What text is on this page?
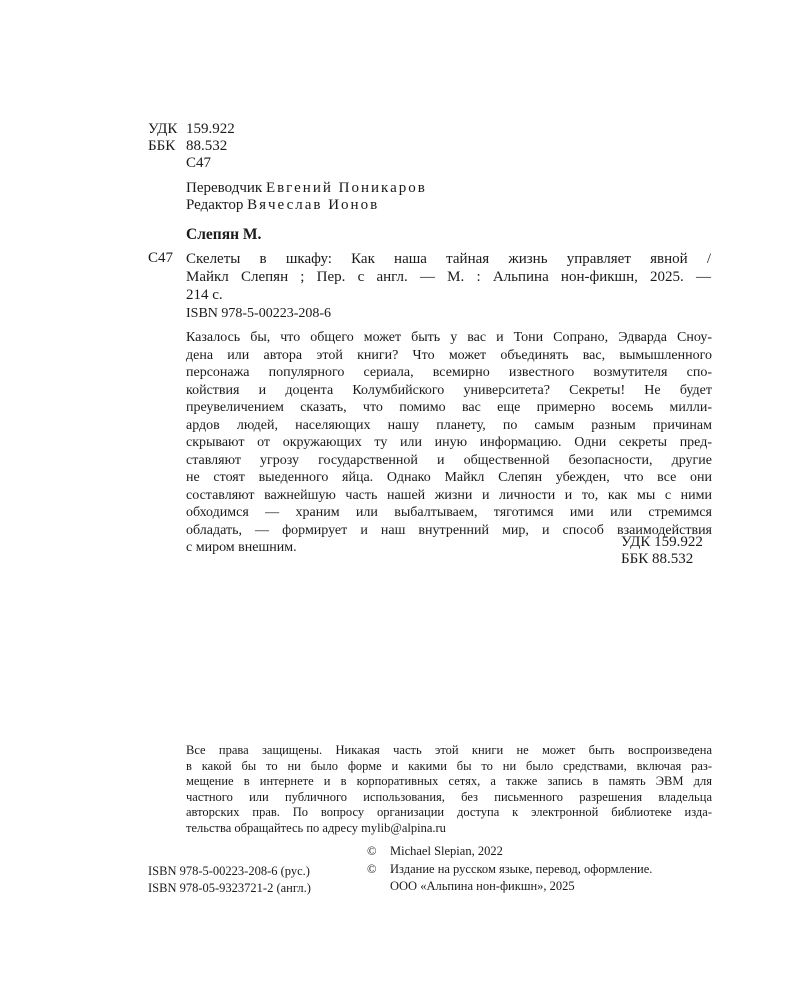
УДК 159.922
ББК 88.532
С47
Переводчик Евгений Поникаров
Редактор Вячеслав Ионов
Слепян М.
С47 Скелеты в шкафу: Как наша тайная жизнь управляет явной /
Майкл Слепян ; Пер. с англ. — М. : Альпина нон-фикшн, 2025. —
214 с.
ISBN 978-5-00223-208-6
Казалось бы, что общего может быть у вас и Тони Сопрано, Эдварда Сноу-
дена или автора этой книги? Что может объединять вас, вымышленного
персонажа популярного сериала, всемирно известного возмутителя спо-
койствия и доцента Колумбийского университета? Секреты! Не будет
преувеличением сказать, что помимо вас еще примерно восемь милли-
ардов людей, населяющих нашу планету, по самым разным причинам
скрывают от окружающих ту или иную информацию. Одни секреты пред-
ставляют угрозу государственной и общественной безопасности, другие
не стоят выеденного яйца. Однако Майкл Слепян убежден, что все они
составляют важнейшую часть нашей жизни и личности и то, как мы с ними
обходимся — храним или выбалтываем, тяготимся ими или стремимся
обладать, — формирует и наш внутренний мир, и способ взаимодействия
с миром внешним.	УДК 159.922
ББК 88.532
Все права защищены. Никакая часть этой книги не может быть воспроизведена
в какой бы то ни было форме и какими бы то ни было средствами, включая раз-
мещение в интернете и в корпоративных сетях, а также запись в память ЭВМ для
частного или публичного использования, без письменного разрешения владельца
авторских прав. По вопросу организации доступа к электронной библиотеке изда-
тельства обращайтесь по адресу mylib@alpina.ru
ISBN 978-5-00223-208-6 (рус.)
ISBN 978-05-9323721-2 (англ.)
© Michael Slepian, 2022
© Издание на русском языке, перевод, оформление.
ООО «Альпина нон-фикшн», 2025
